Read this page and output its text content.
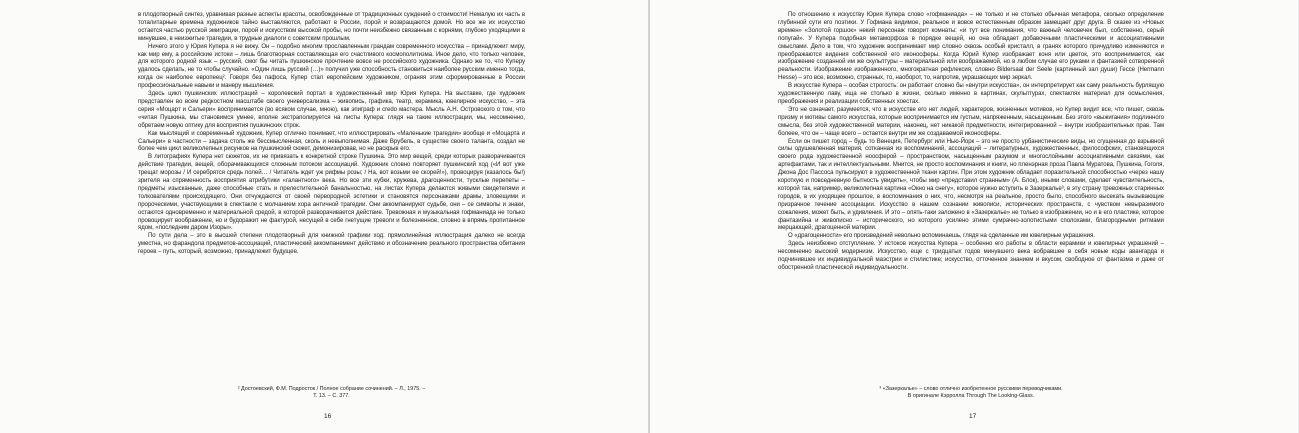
в плодотворный синтез, уравнивая разные аспекты красоты, освобожденные от традиционных суждений о стоимости! Немалую их часть в тоталитарные времена художников тайно выставляются, работают в России, порой и возвращаются домой. Но все же их искусство остается частью русской эмиграции, порой и искусством высокой пробы, но почти неизбежно связанным с корнями, глубоко уходящими в минувшее, в неизжитые трагедии, в трудные диалоги с советским прошлым.

Ничего этого у Юрия Купера я не вижу. Он – подобно многим прославленным грандам современного искусства – принадлежит миру, как мир ему, а российские истоки – лишь благотворная составляющая его счастливого космополитизма. Иное дело, что только человек, для которого родной язык – русский, смог бы читать пушкинское прочтение вовсе не российского художника. Однако же то, что Куперу удалось сделать, не то чтобы случайно. «Один лишь русский (…)» получил уже способность становиться наиболее русским именно тогда, когда он наиболее европеец². Говоря без пафоса, Купер стал европейским художником, ограняя этим сформированные в России профессиональные навыки и манеру мышления.

Здесь цикл пушкинских иллюстраций – королевский портал в художественный мир Юрия Купера. На выставке, где художник представлен во всем редкостном масштабе своего универсализма – живопись, графика, театр, керамика, ювелирное искусство, – эта серия «Моцарт и Сальери» воспринимается (во всяком случае, мною), как эпиграф и credo мастера. Мысль А.Н. Островского о том, что «читая Пушкина, мы становимся умнее, вполне экстраполируется на листы Купера: глядя на такие иллюстрации, мы, несомненно, обретаем новую оптику для восприятия пушкинских строк.

Как мыслящий и современный художник, Купер отлично понимает, что иллюстрировать «Маленькие трагедии» вообще и «Моцарта и Сальери» в частности – задача столь же бессмысленная, сколь и невыполнимая. Даже Врубель, в существе своего таланта, создал не более чем цикл великолепных рисунков на пушкинский сюжет, демонизировав, но не раскрыв его.

В литографиях Купера нет сюжетов, их не привязать к конкретной строке Пушкина. Это мир вещей, среди которых разворачивается действие трагедии, вещей, оборачивающихся сложным потоком ассоциаций. Художник словно повторяет пушкинский ход («И вот уже трещат морозы / И серебрятся средь полей… / Читатель ждет уж рифмы розы; / На, вот возьми ее скорей!»), провоцируя (казалось бы!) зрителя на спряменность восприятия атрибутики «галантного» века. Но все эти кубки, кружева, драгоценности, тусклые перепеты – предметы изысканные, даже способные стать и прелестительной банальностью, на листах Купера делаются живыми свидетелями и толкователями происходящего. Они отчуждаются от своей первородной эстетики и становятся персонажами драмы, зловещими и пророческими, участвующими в спектакле с молчанием хора античной трагедии. Они аккомпанируют судьбе, они – се символы и знаки, остаются одновременно и материальной средой, в которой разворачивается действие. Тревожная и музыкальная гофманиада не только провоцирует воображение, но и будоражит не фактурой, несущей в себе гнетущие тревоги и болезненное, словно в впрямь пропитанное ядом, «последним даром Изоры».

По сути дела – это в высшей степени плодотворный для книжной графики ход: прямолинейная иллюстрация далеко не всегда уместна, но фарандола предметов-ассоциаций, пластический аккомпанемент действию и обозначение реального пространства обитания героев – путь, который, возможно, принадлежит будущее.

² Достоевский, Ф.М. Подросток / Полное собрание сочинений. – Л., 1975. –
Т. 13. – С. 377.
16

По отношению к искусству Юрия Купера слово «гофманиада» – не только и не столько обычная метафора, сколько определение глубинной сути его поэтики. У Гофмана видимое, реальное и вовсе естественным образом замещает друг друга. В сказке из «Новых времен» «Золотой горшок» некий персонаж говорит комнаты: «и тут все понимания, что важный человечек был, собственно, серый попугай». У Купера подобная метаморфоза в порядке вещей, но она обладает добавочными пластическими и ассоциативными смыслами. Дело в том, что художник воспринимает мир словно сквозь особый кристалл, в гранях которого причудливо изменяются и преображаются видения собственной его иконосферы. Когда Юрий Купер изображает коня или цветок, это воспринимается, как изображение созданной им же скульптуры – материальной или воображаемой, но в любом случае его руками и фантазией сотворенной реальности. Изображение изображенного, многократная рефлексия, словно Bildersaal der Seele (картинный зал души) Гессе (Hermann Hesse) – это все, возможно, странных, то, наоборот, то, напротив, украшающих мир зеркал.

В искусстве Купера – особая строгость: он работает словно бы «внутри искусства», он интерпретирует как саму реальность бурлящую художественную лаву, ища не столько в жизни, сколько именно в картинах, скульптурах, спектаклях материал для осмысления, преображения и реализации собственных хоестах.

Это не означает, разумеется, что в искусстве его нет людей, характеров, жизненных мотивов, но Купер видит все, что пишет, сквозь призму и мотивы самого искусства, которые воспринимается им густым, напряженным, насыщенным. Без этого «выжигания» подлинного смысла, без этой художественной материи, наконец, нет никакой предметности, интегрированной – внутри изобразительных прав. Там болеее, что он – чаще всего – остается внутри им же создаваемой иконосферы.

Если он пишет город – будь то Венеция, Петербург или Нью-Йорк – это не просто урбанистические виды, но сгущенная до взрывной силы одушевленная материя, сотканная из воспоминаний, ассоциаций – литературных, художественных, философских, становящихся своего рода художественной ноосферой – пространством, насыщенным разумом и многослойными ассоциативными связями, как артефактами, так и интеллектуальными. Мнится, не просто воспоминания и книги, но пленэрная проза Павла Муратова, Пушкина, Гоголя, Джона Дос Пассоса пульсируют в художественной ткани картин. При этом художник обладает поразительной способностью «через нашу короткую и повседневную бытность увидеть», чтобы мир «представил странным» (А. Блок), иными словами, сделает чувствительность, которой так, например, великолепная картина «Окно на снегу», которое нужно вступить в Зазеркалье³, в эту страну тревожных старинных городов, в их уходящее прошлое, в воспоминания о них, что, несмотря на реальное, просто было, способного высекать вызывающие призрачное течение ассоциации. Искусство в нашем сознании живописи, исторических пространств, с чувством невыразимого сожаления, может быть, и удивления. И это – опять-таки заложено в «Зазеркалье» не только в изображении, но и в его пластике, которое фантазийна и живописно – исторического, но которого усилено этими сумрачно-золотистыми сполохами, благородными ритмами мерцающей, драгоценной материи.

О «драгоценности» его произведений невольно вспоминаешь, глядя на сделанные им ювелирные украшения.

Здесь неизбежно отступление. У истоков искусства Купера – особенно его работы в области керамики и ювелирных украшений – несомненно высокий модернизм. Искусство, еще с тридцатых годов минувшего века вобравшее в себя новые коды авангарда и подчинившее их индивидуальной маэстрии и стилистике; искусство, отточенное знанием и вкусом, свободное от фантазма и даже от обостренной пластической индивидуальности.

³ «Зазеркалье» – слово отлично изобретенное русскими переводчиками.
В оригинале Кэрролла Through The Looking-Glass.
17
